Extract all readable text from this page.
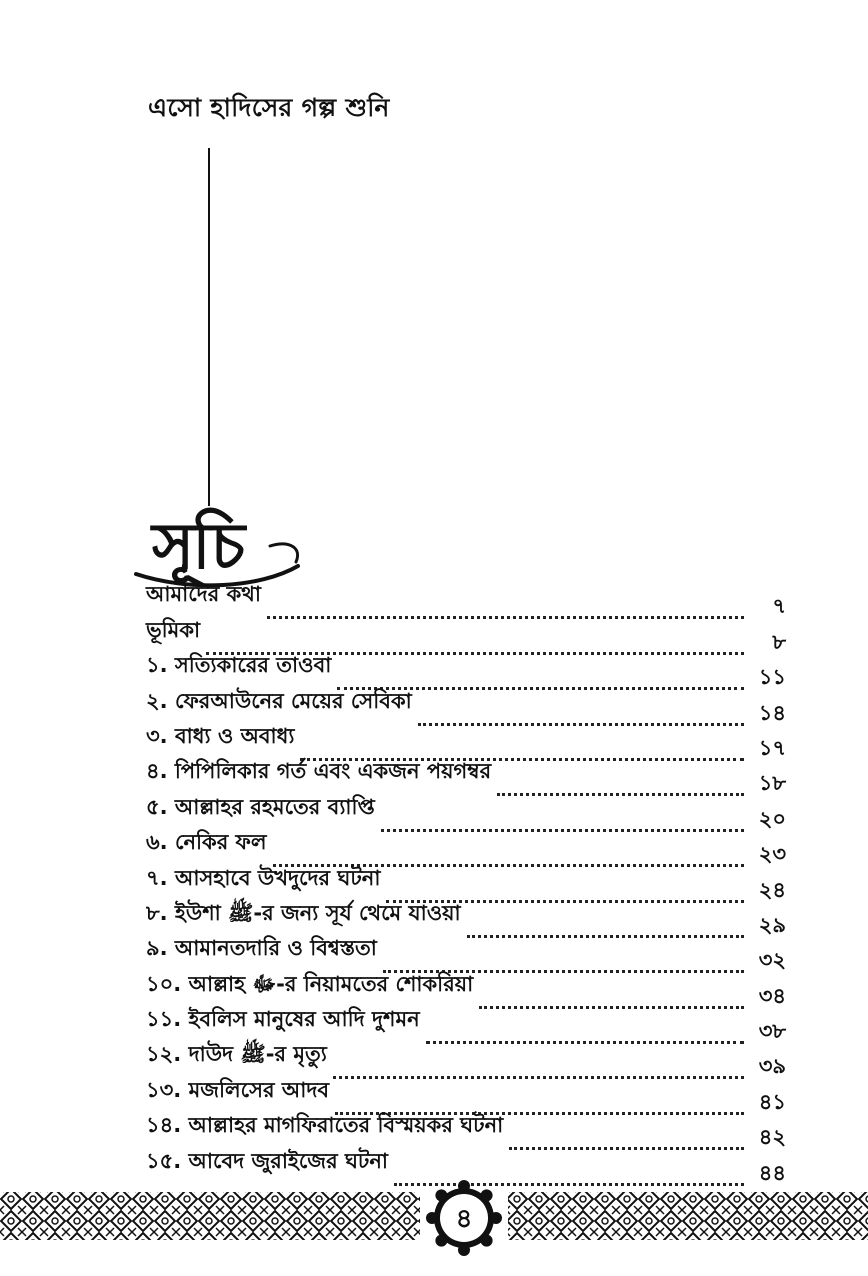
এসো হাদিসের গল্প শুনি
সূচি
আমাদের কথা	৭
ভূমিকা	৮
১. সত্যিকারের তাওবা	১১
২. ফেরআউনের মেয়ের সেবিকা	১৪
৩. বাধ্য ও অবাধ্য	১৭
৪. পিপিলিকার গর্ত এবং একজন পয়গম্বর	১৮
৫. আল্লাহর রহমতের ব্যাপ্তি	২০
৬. নেকির ফল	২৩
৭. আসহাবে উখদুদের ঘটনা	২৪
৮. ইউশা ﷺ-র জন্য সূর্য থেমে যাওয়া	২৯
৯. আমানতদারি ও বিশ্বস্ততা	৩২
১০. আল্লাহ ﷻ-র নিয়ামতের শোকরিয়া	৩৪
১১. ইবলিস মানুষের আদি দুশমন	৩৮
১২. দাউদ ﷺ-র মৃত্যু	৩৯
১৩. মজলিসের আদব	৪১
১৪. আল্লাহর মাগফিরাতের বিস্ময়কর ঘটনা	৪২
১৫. আবেদ জুরাইজের ঘটনা	৪৪
৪
